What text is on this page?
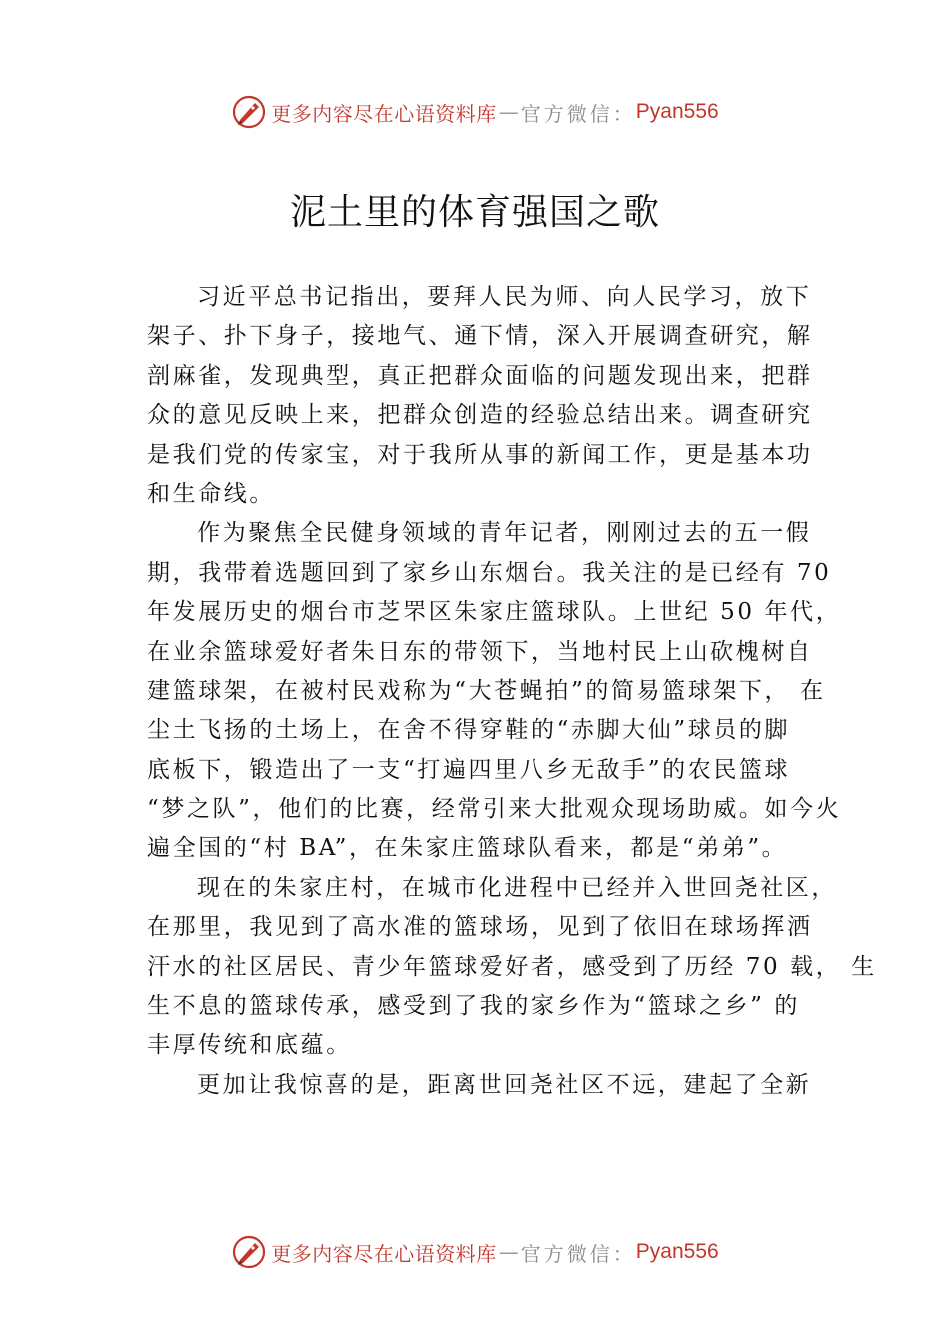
更多内容尽在心语资料库 — 官方微信： Pyan556
泥土里的体育强国之歌
习近平总书记指出，要拜人民为师、向人民学习，放下
架子、扑下身子，接地气、通下情，深入开展调查研究，解
剖麻雀，发现典型，真正把群众面临的问题发现出来，把群
众的意见反映上来，把群众创造的经验总结出来。调查研究
是我们党的传家宝，对于我所从事的新闻工作，更是基本功
和生命线。
作为聚焦全民健身领域的青年记者，刚刚过去的五一假
期，我带着选题回到了家乡山东烟台。我关注的是已经有 70
年发展历史的烟台市芝罘区朱家庄篮球队。上世纪 50 年代，
在业余篮球爱好者朱日东的带领下，当地村民上山砍槐树自
建篮球架，在被村民戏称为“大苍蝇拍”的简易篮球架下， 在
尘土飞扬的土场上，在舍不得穿鞋的“赤脚大仙”球员的脚
底板下，锻造出了一支“打遍四里八乡无敌手”的农民篮球
“梦之队”，他们的比赛，经常引来大批观众现场助威。如今火
遍全国的“村 BA”，在朱家庄篮球队看来，都是“弟弟”。
现在的朱家庄村，在城市化进程中已经并入世回尧社区，
在那里，我见到了高水准的篮球场，见到了依旧在球场挥洒
汗水的社区居民、青少年篮球爱好者，感受到了历经 70 载， 生
生不息的篮球传承，感受到了我的家乡作为“篮球之乡” 的
丰厚传统和底蕴。
更加让我惊喜的是，距离世回尧社区不远，建起了全新
更多内容尽在心语资料库 — 官方微信： Pyan556
